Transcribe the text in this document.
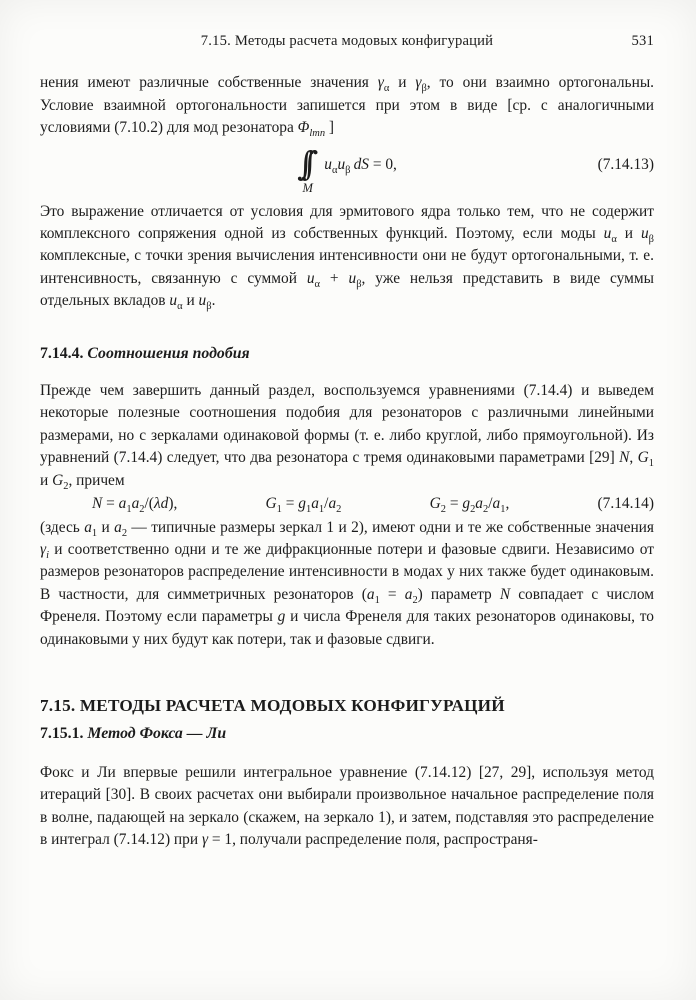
7.15. Методы расчета модовых конфигураций	531

нения имеют различные собственные значения $\gamma_\alpha$ и $\gamma_\beta$, то они взаимно ортогональны. Условие взаимной ортогональности запишется при этом в виде [ср. с аналогичными условиями (7.10.2) для мод резонатора $\Phi_{lmn}$ ]

∫∫
M
$u_\alpha u_\beta$  dS = 0,	(7.14.13)

Это выражение отличается от условия для эрмитового ядра только тем, что не содержит комплексного сопряжения одной из собственных функций. Поэтому, если моды $u_\alpha$ и $u_\beta$ комплексные, с точки зрения вычисления интенсивности они не будут ортогональными, т. е. интенсивность, связанную с суммой $u_\alpha + u_\beta$, уже нельзя представить в виде суммы отдельных вкладов $u_\alpha$ и $u_\beta$.

7.14.4. Соотношения подобия

Прежде чем завершить данный раздел, воспользуемся уравнениями (7.14.4) и выведем некоторые полезные соотношения подобия для резонаторов с различными линейными размерами, но с зеркалами одинаковой формы (т. е. либо круглой, либо прямоугольной). Из уравнений (7.14.4) следует, что два резонатора с тремя одинаковыми параметрами [29] N, $G_1$ и $G_2$, причем

$N = a_1a_2/(\lambda d)$,	$G_1 = g_1a_1/a_2$	$G_2 = g_2a_2/a_1$,	(7.14.14)

(здесь $a_1$ и $a_2$ — типичные размеры зеркал 1 и 2), имеют одни и те же собственные значения $\gamma_i$ и соответственно одни и те же дифракционные потери и фазовые сдвиги. Независимо от размеров резонаторов распределение интенсивности в модах у них также будет одинаковым. В частности, для симметричных резонаторов $(a_1 = a_2)$ параметр N совпадает с числом Френеля. Поэтому если параметры g и числа Френеля для таких резонаторов одинаковы, то одинаковыми у них будут как потери, так и фазовые сдвиги.

7.15. МЕТОДЫ РАСЧЕТА МОДОВЫХ КОНФИГУРАЦИЙ
7.15.1. Метод Фокса — Ли

Фокс и Ли впервые решили интегральное уравнение (7.14.12) [27, 29], используя метод итераций [30]. В своих расчетах они выбирали произвольное начальное распределение поля в волне, падающей на зеркало (скажем, на зеркало 1), и затем, подставляя это распределение в интеграл (7.14.12) при γ = 1, получали распределение поля, распространя-
